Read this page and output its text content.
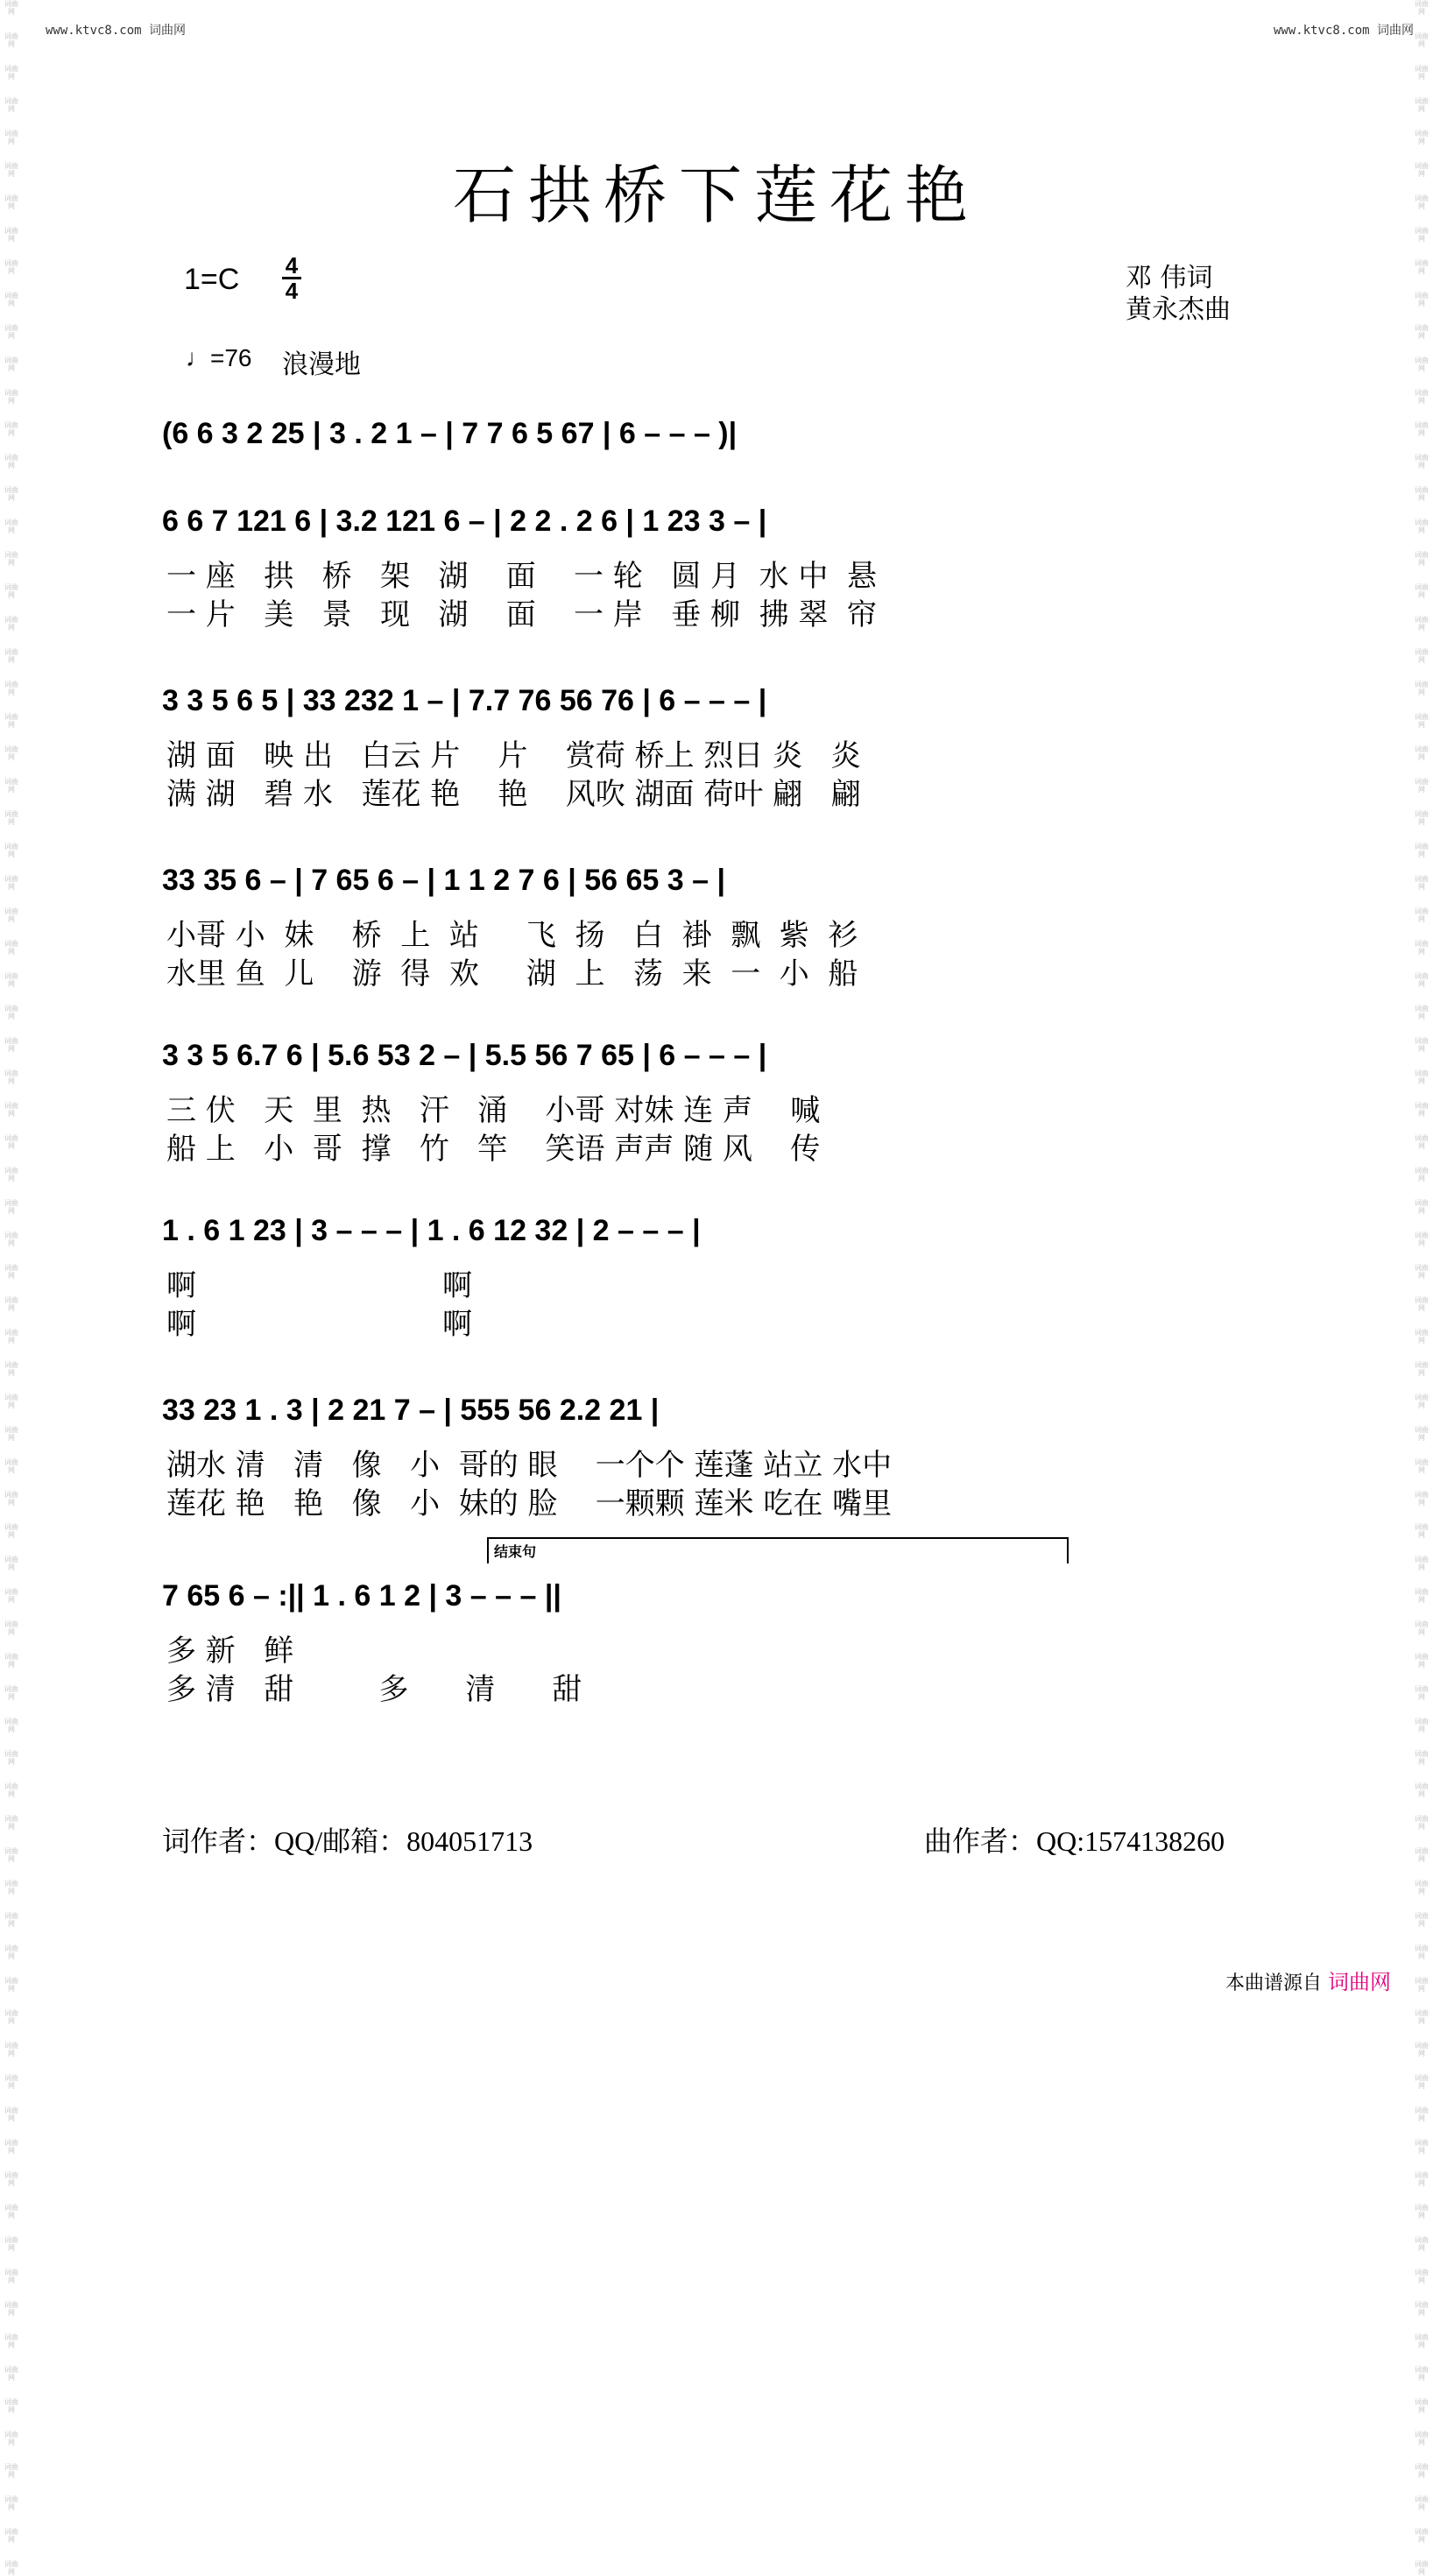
www.ktvc8.com 词曲网	www.ktvc8.com 词曲网
词曲网
词曲网
词曲网
词曲网
词曲网
词曲网
词曲网
词曲网
词曲网
词曲网
词曲网
词曲网
词曲网
词曲网
词曲网
词曲网
词曲网
词曲网
词曲网
词曲网
词曲网
词曲网
词曲网
词曲网
词曲网
词曲网
词曲网
词曲网
词曲网
词曲网
词曲网
词曲网
词曲网
词曲网
词曲网
词曲网
词曲网
词曲网
词曲网
词曲网
词曲网
词曲网
词曲网
词曲网
词曲网
词曲网
词曲网
词曲网
词曲网
词曲网
词曲网
词曲网
词曲网
词曲网
词曲网
词曲网
词曲网
词曲网
词曲网
词曲网
词曲网
词曲网
词曲网
词曲网
词曲网
词曲网
词曲网
词曲网
词曲网
词曲网
词曲网
词曲网
词曲网
词曲网
词曲网
词曲网
词曲网
词曲网
词曲网
词曲网
词曲网
词曲网
词曲网
词曲网
词曲网
词曲网
词曲网
词曲网
词曲网
词曲网
词曲网
词曲网
词曲网
词曲网
词曲网
词曲网
词曲网
词曲网
词曲网
词曲网
词曲网
词曲网
词曲网
词曲网
词曲网
词曲网
词曲网
词曲网
词曲网
词曲网
词曲网
词曲网
词曲网
词曲网
词曲网
词曲网
词曲网
词曲网
词曲网
词曲网
词曲网
词曲网
词曲网
词曲网
词曲网
词曲网
词曲网
词曲网
词曲网
词曲网
词曲网
词曲网
词曲网
词曲网
词曲网
词曲网
词曲网
词曲网
词曲网
词曲网
词曲网
词曲网
词曲网
词曲网
词曲网
词曲网
词曲网
词曲网
词曲网
词曲网
词曲网
词曲网
词曲网
词曲网
词曲网
词曲网
词曲网
词曲网
词曲网
词曲网
石拱桥下莲花艳
1=C 4
4	邓 伟词
黄永杰曲
♩=76 浪漫地
(6 6 3 2 25 | 3 . 2 1 – | 7 7 6 5 67 | 6 – – – )|
6 6 7 121 6 | 3.2 121 6 – | 2 2 . 2 6 | 1 23 3 – |
一 座   拱   桥   架   湖    面    一 轮   圆 月  水 中  悬
一 片   美   景   现   湖    面    一 岸   垂 柳  拂 翠  帘
3 3 5 6 5 | 33 232 1 – | 7.7 76 56 76 | 6 – – – |
湖 面   映 出   白云 片    片    赏荷 桥上 烈日 炎   炎
满 湖   碧 水   莲花 艳    艳    风吹 湖面 荷叶 翩   翩
33 35 6 – | 7 65 6 – | 1 1 2 7 6 | 56 65 3 – |
小哥 小  妹    桥  上  站     飞  扬   白  褂  飘  紫  衫
水里 鱼  儿    游  得  欢     湖  上   荡  来  一  小  船
3 3 5 6.7 6 | 5.6 53 2 – | 5.5 56 7 65 | 6 – – – |
三 伏   天  里  热   汗   涌    小哥 对妹 连 声    喊
船 上   小  哥  撑   竹   竿    笑语 声声 随 风    传
1 . 6 1 23 | 3 – – – | 1 . 6 12 32 | 2 – – – |
啊                          啊
啊                          啊
33 23 1 . 3 | 2 21 7 – | 555 56 2.2 21 |
湖水 清   清   像   小  哥的 眼    一个个 莲蓬 站立 水中
莲花 艳   艳   像   小  妹的 脸    一颗颗 莲米 吃在 嘴里
7 65 6 – :|| 1 . 6 1 2 | 3 – – – ||
多 新   鲜
多 清   甜         多      清      甜
结束句
词作者：QQ/邮箱：804051713	曲作者：QQ:1574138260
本曲谱源自 词曲网
